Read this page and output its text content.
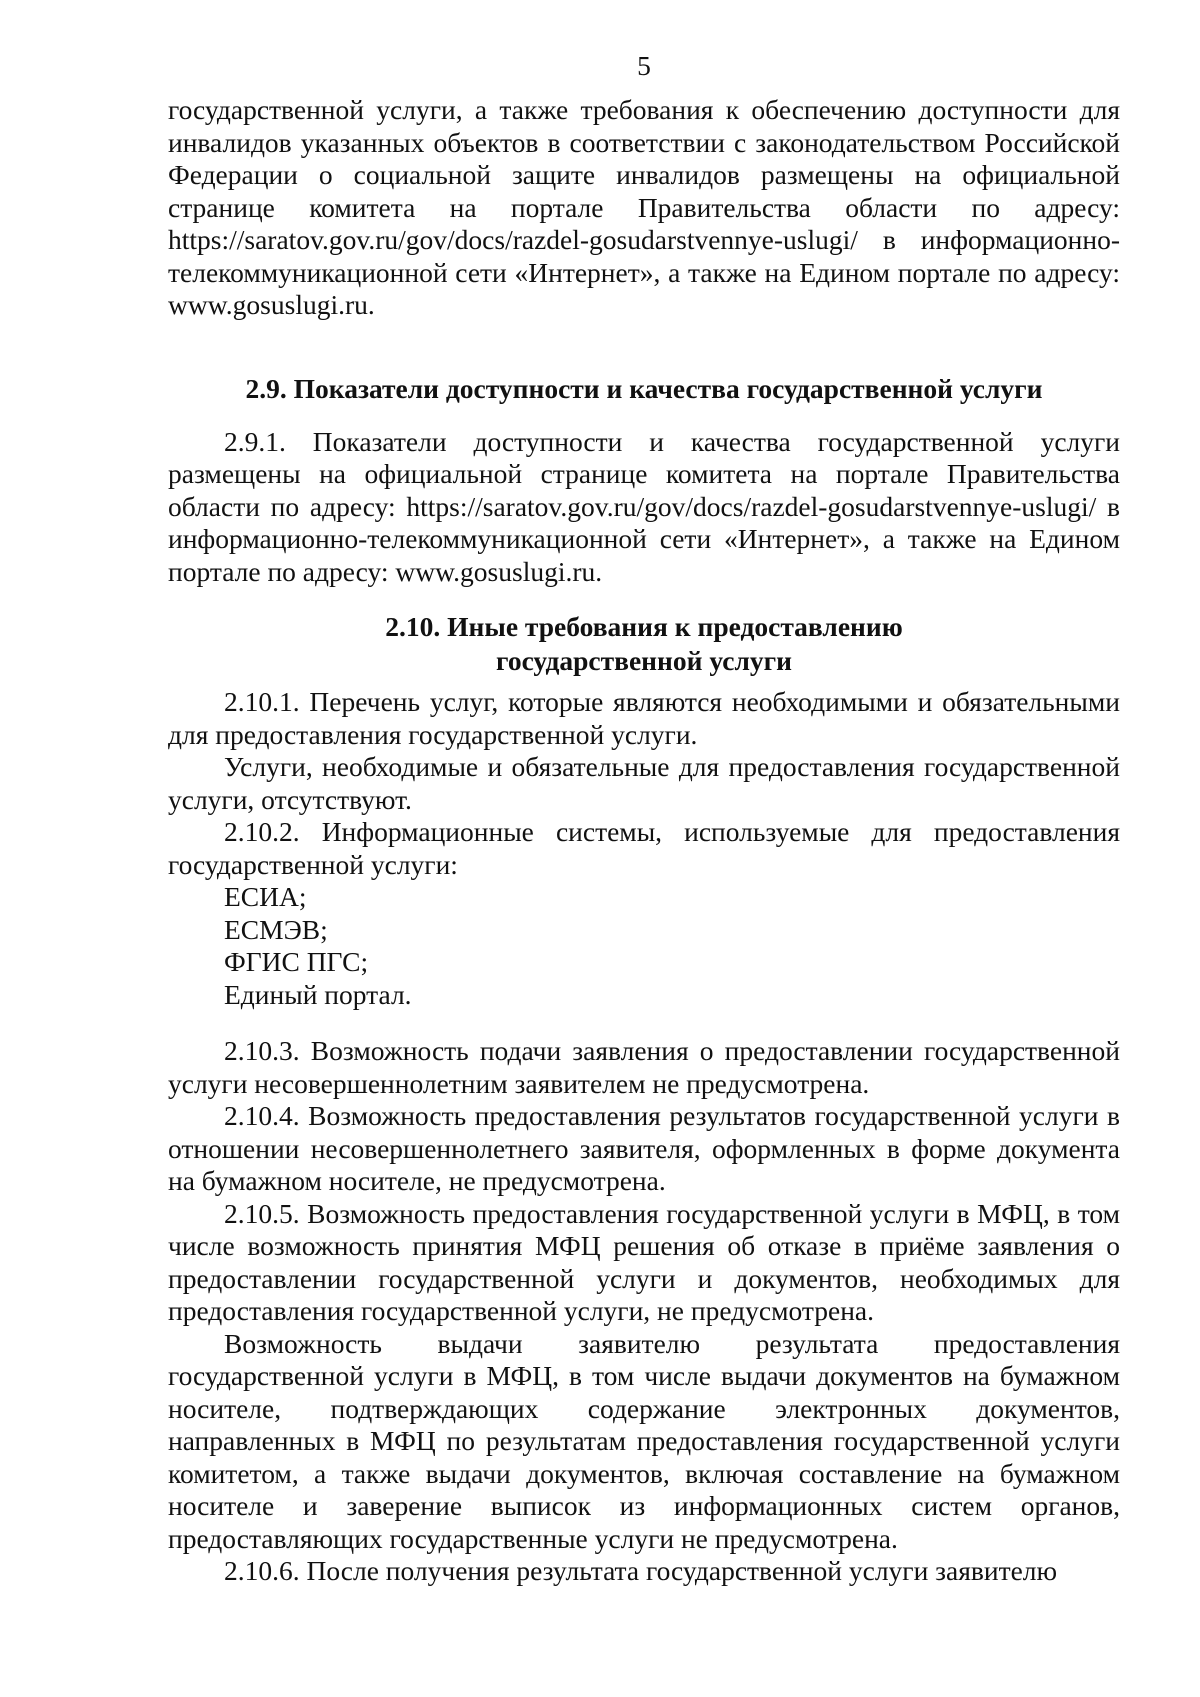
5

государственной услуги, а также требования к обеспечению доступности для инвалидов указанных объектов в соответствии с законодательством Российской Федерации о социальной защите инвалидов размещены на официальной странице комитета на портале Правительства области по адресу: https://saratov.gov.ru/gov/docs/razdel-gosudarstvennye-uslugi/ в информационно-телекоммуникационной сети «Интернет», а также на Едином портале по адресу: www.gosuslugi.ru.

2.9. Показатели доступности и качества государственной услуги

2.9.1. Показатели доступности и качества государственной услуги размещены на официальной странице комитета на портале Правительства области по адресу: https://saratov.gov.ru/gov/docs/razdel-gosudarstvennye-uslugi/ в информационно-телекоммуникационной сети «Интернет», а также на Едином портале по адресу: www.gosuslugi.ru.

2.10. Иные требования к предоставлению
государственной услуги

2.10.1. Перечень услуг, которые являются необходимыми и обязательными для предоставления государственной услуги.

Услуги, необходимые и обязательные для предоставления государственной услуги, отсутствуют.

2.10.2. Информационные системы, используемые для предоставления государственной услуги:

ЕСИА;

ЕСМЭВ;

ФГИС ПГС;

Единый портал.

2.10.3. Возможность подачи заявления о предоставлении государственной услуги несовершеннолетним заявителем не предусмотрена.

2.10.4. Возможность предоставления результатов государственной услуги в отношении несовершеннолетнего заявителя, оформленных в форме документа на бумажном носителе, не предусмотрена.

2.10.5. Возможность предоставления государственной услуги в МФЦ, в том числе возможность принятия МФЦ решения об отказе в приёме заявления о предоставлении государственной услуги и документов, необходимых для предоставления государственной услуги, не предусмотрена.

Возможность выдачи заявителю результата предоставления государственной услуги в МФЦ, в том числе выдачи документов на бумажном носителе, подтверждающих содержание электронных документов, направленных в МФЦ по результатам предоставления государственной услуги комитетом, а также выдачи документов, включая составление на бумажном носителе и заверение выписок из информационных систем органов, предоставляющих государственные услуги не предусмотрена.

2.10.6. После получения результата государственной услуги заявителю
